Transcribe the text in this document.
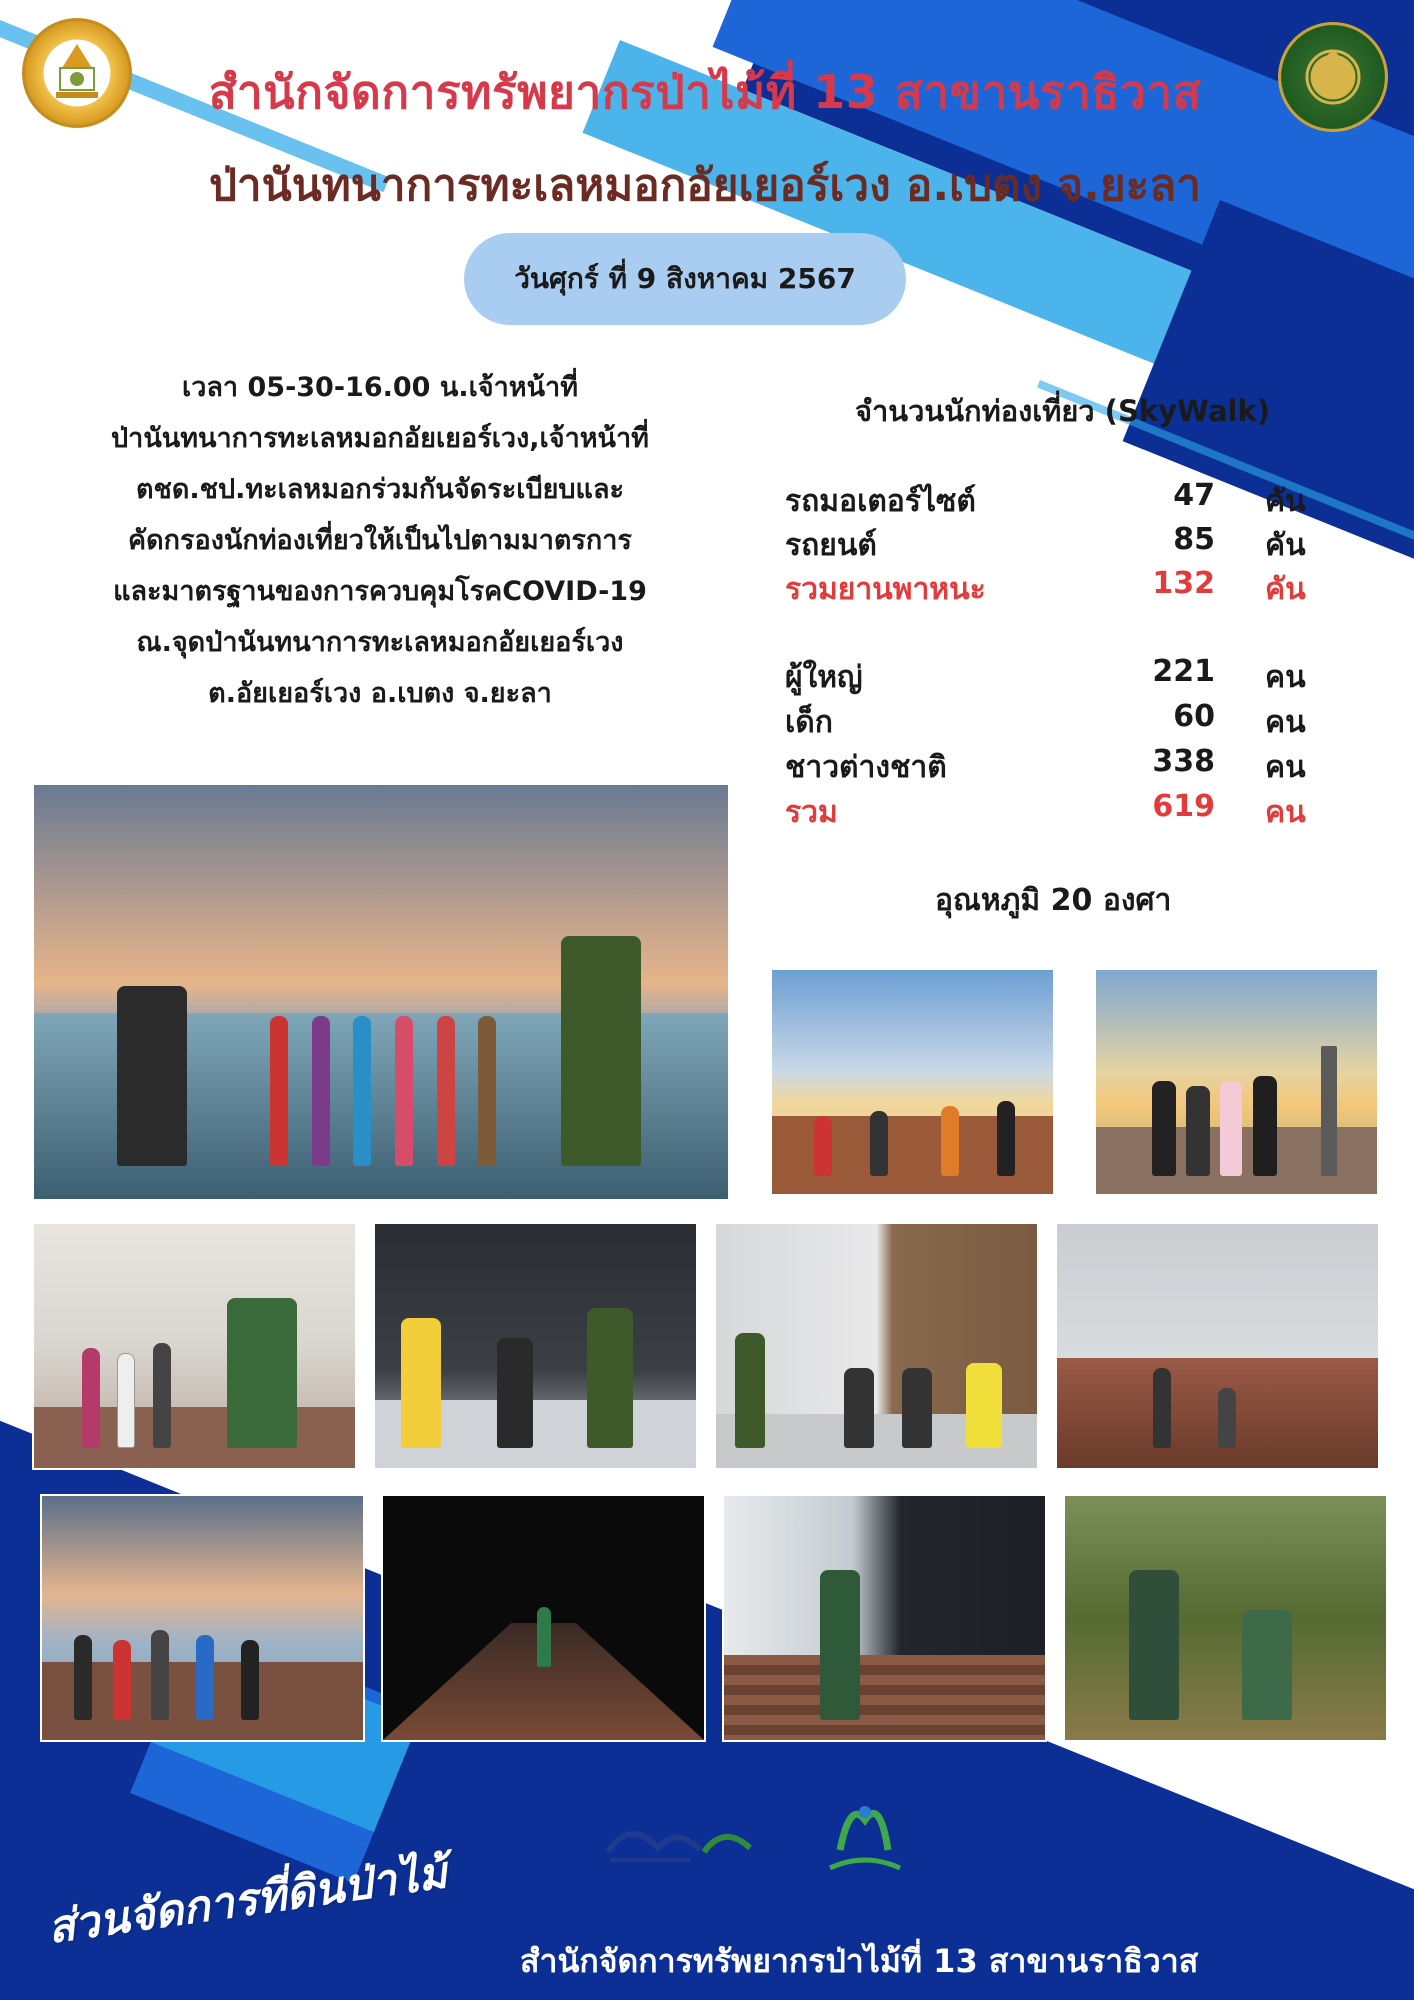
สำนักจัดการทรัพยากรป่าไม้ที่ 13 สาขานราธิวาส
ป่านันทนาการทะเลหมอกอัยเยอร์เวง อ.เบตง จ.ยะลา
วันศุกร์ ที่ 9 สิงหาคม 2567
เวลา 05-30-16.00 น.เจ้าหน้าที่
ป่านันทนาการทะเลหมอกอัยเยอร์เวง,เจ้าหน้าที่
ตชด.ชป.ทะเลหมอกร่วมกันจัดระเบียบและ
คัดกรองนักท่องเที่ยวให้เป็นไปตามมาตรการ
และมาตรฐานของการควบคุมโรคCOVID-19
ณ.จุดป่านันทนาการทะเลหมอกอัยเยอร์เวง
ต.อัยเยอร์เวง อ.เบตง จ.ยะลา
จำนวนนักท่องเที่ยว (SkyWalk)
รถมอเตอร์ไซต์	47 คัน
รถยนต์	85 คัน
รวมยานพาหนะ	132 คัน
ผู้ใหญ่	221 คน
เด็ก	60 คน
ชาวต่างชาติ	338 คน
รวม	619 คน
อุณหภูมิ 20 องศา
ส่วนจัดการที่ดินป่าไม้
สำนักจัดการทรัพยากรป่าไม้ที่ 13 สาขานราธิวาส
